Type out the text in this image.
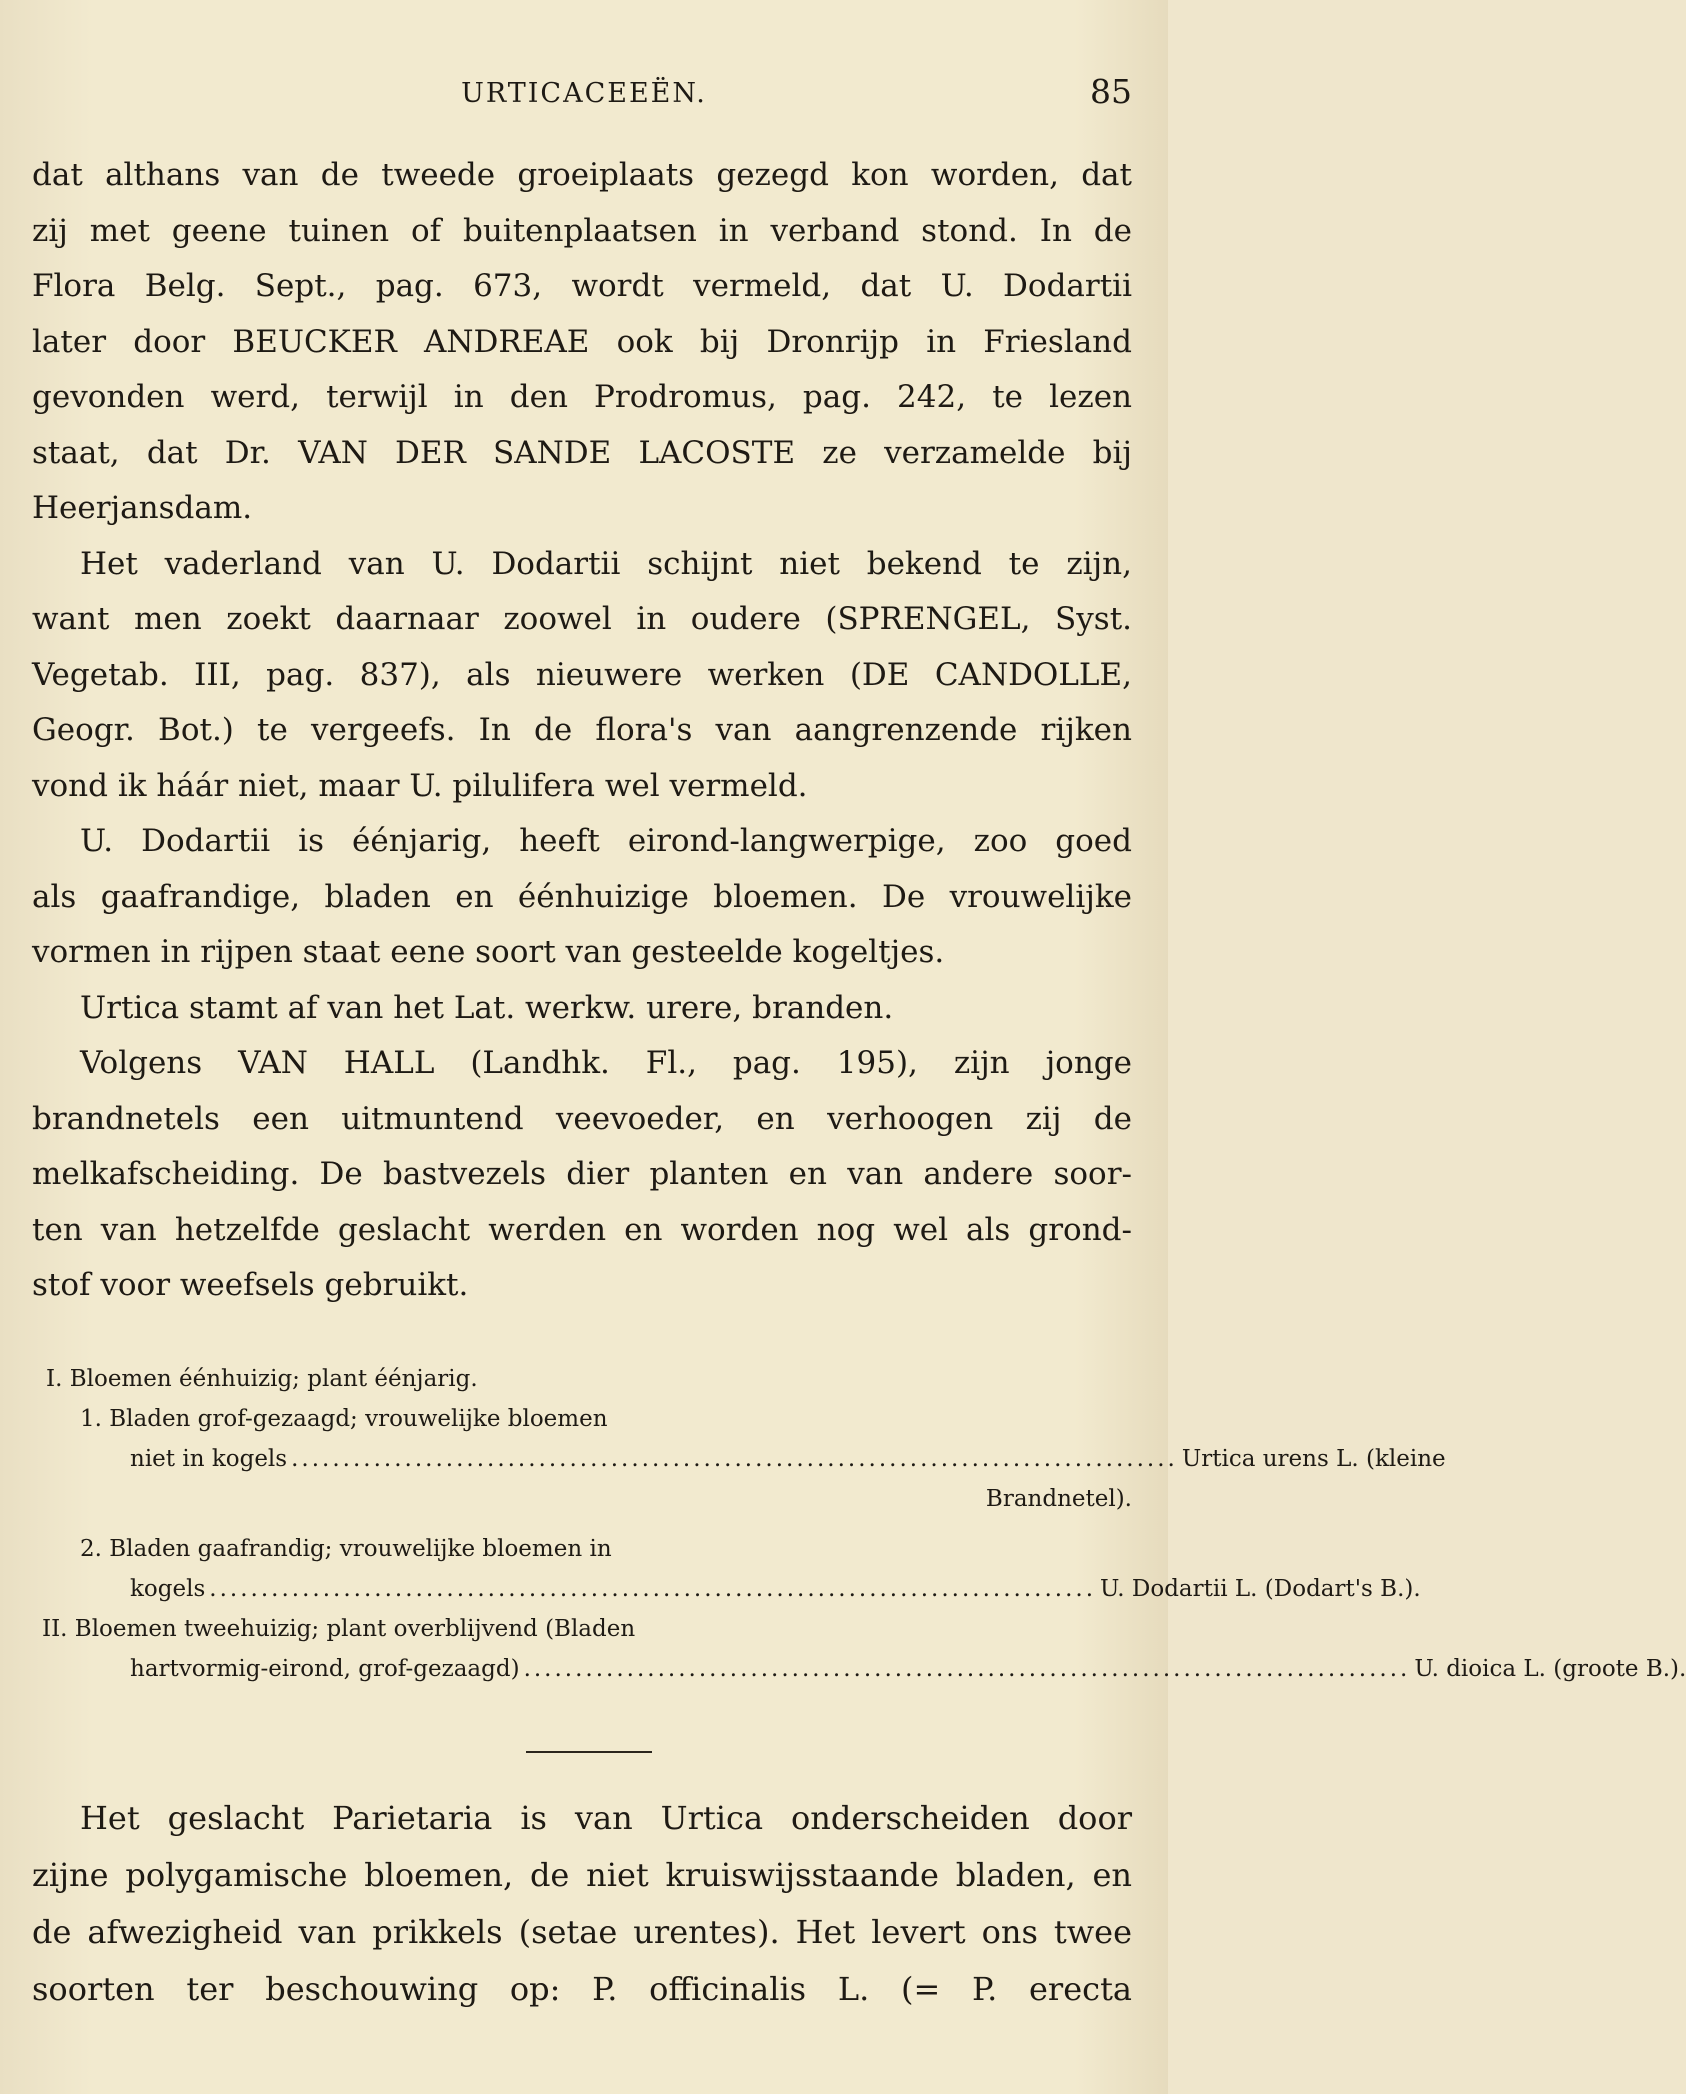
URTICACEEËN.	85
dat althans van de tweede groeiplaats gezegd kon worden, dat
zij met geene tuinen of buitenplaatsen in verband stond. In de
Flora Belg. Sept., pag. 673, wordt vermeld, dat U. Dodartii
later door BEUCKER ANDREAE ook bij Dronrijp in Friesland
gevonden werd, terwijl in den Prodromus, pag. 242, te lezen
staat, dat Dr. VAN DER SANDE LACOSTE ze verzamelde bij
Heerjansdam.
Het vaderland van U. Dodartii schijnt niet bekend te zijn,
want men zoekt daarnaar zoowel in oudere (SPRENGEL, Syst.
Vegetab. III, pag. 837), als nieuwere werken (DE CANDOLLE,
Geogr. Bot.) te vergeefs. In de flora's van aangrenzende rijken
vond ik háár niet, maar U. pilulifera wel vermeld.
U. Dodartii is éénjarig, heeft eirond-langwerpige, zoo goed
als gaafrandige, bladen en éénhuizige bloemen. De vrouwelijke
vormen in rijpen staat eene soort van gesteelde kogeltjes.
Urtica stamt af van het Lat. werkw. urere, branden.
Volgens VAN HALL (Landhk. Fl., pag. 195), zijn jonge
brandnetels een uitmuntend veevoeder, en verhoogen zij de
melkafscheiding. De bastvezels dier planten en van andere soor-
ten van hetzelfde geslacht werden en worden nog wel als grond-
stof voor weefsels gebruikt.
I. Bloemen éénhuizig; plant éénjarig.
1. Bladen grof-gezaagd; vrouwelijke bloemen
niet in kogels ...................................................................................... Urtica urens L. (kleine
Brandnetel).
2. Bladen gaafrandig; vrouwelijke bloemen in
kogels ...................................................................................... U. Dodartii L. (Dodart's B.).
II. Bloemen tweehuizig; plant overblijvend (Bladen
hartvormig-eirond, grof-gezaagd) ...................................................................................... U. dioica L. (groote B.).
Het geslacht Parietaria is van Urtica onderscheiden door
zijne polygamische bloemen, de niet kruiswijsstaande bladen, en
de afwezigheid van prikkels (setae urentes). Het levert ons twee
soorten ter beschouwing op: P. officinalis L. (= P. erecta
